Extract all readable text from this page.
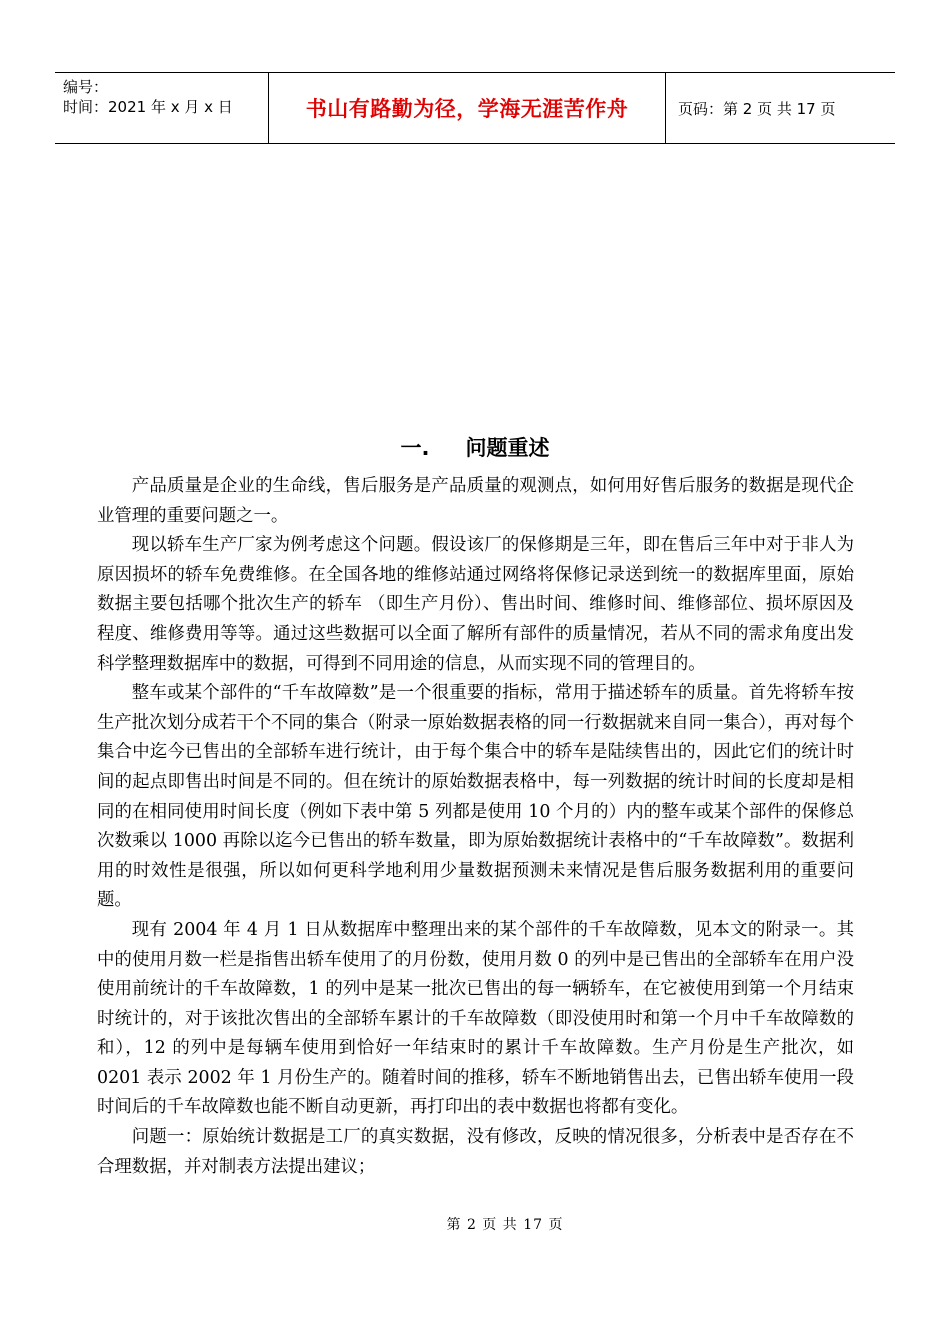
编号：
时间：2021 年 x 月 x 日	书山有路勤为径，学海无涯苦作舟	页码：第 2 页 共 17 页
一. 问题重述

产品质量是企业的生命线，售后服务是产品质量的观测点，如何用好售后服务的数据是现代企业管理的重要问题之一。

现以轿车生产厂家为例考虑这个问题。假设该厂的保修期是三年，即在售后三年中对于非人为原因损坏的轿车免费维修。在全国各地的维修站通过网络将保修记录送到统一的数据库里面，原始数据主要包括哪个批次生产的轿车 （即生产月份）、售出时间、维修时间、维修部位、损坏原因及程度、维修费用等等。通过这些数据可以全面了解所有部件的质量情况，若从不同的需求角度出发科学整理数据库中的数据，可得到不同用途的信息，从而实现不同的管理目的。

整车或某个部件的“千车故障数”是一个很重要的指标，常用于描述轿车的质量。首先将轿车按生产批次划分成若干个不同的集合（附录一原始数据表格的同一行数据就来自同一集合），再对每个集合中迄今已售出的全部轿车进行统计，由于每个集合中的轿车是陆续售出的，因此它们的统计时间的起点即售出时间是不同的。但在统计的原始数据表格中，每一列数据的统计时间的长度却是相同的在相同使用时间长度（例如下表中第 5 列都是使用 10 个月的）内的整车或某个部件的保修总次数乘以 1000 再除以迄今已售出的轿车数量，即为原始数据统计表格中的“千车故障数”。数据利用的时效性是很强，所以如何更科学地利用少量数据预测未来情况是售后服务数据利用的重要问题。

现有 2004 年 4 月 1 日从数据库中整理出来的某个部件的千车故障数，见本文的附录一。其中的使用月数一栏是指售出轿车使用了的月份数，使用月数 0 的列中是已售出的全部轿车在用户没使用前统计的千车故障数，1 的列中是某一批次已售出的每一辆轿车，在它被使用到第一个月结束时统计的，对于该批次售出的全部轿车累计的千车故障数（即没使用时和第一个月中千车故障数的和），12 的列中是每辆车使用到恰好一年结束时的累计千车故障数。生产月份是生产批次，如 0201 表示 2002 年 1 月份生产的。随着时间的推移，轿车不断地销售出去，已售出轿车使用一段时间后的千车故障数也能不断自动更新，再打印出的表中数据也将都有变化。

问题一：原始统计数据是工厂的真实数据，没有修改，反映的情况很多，分析表中是否存在不合理数据，并对制表方法提出建议；

第 2 页 共 17 页
